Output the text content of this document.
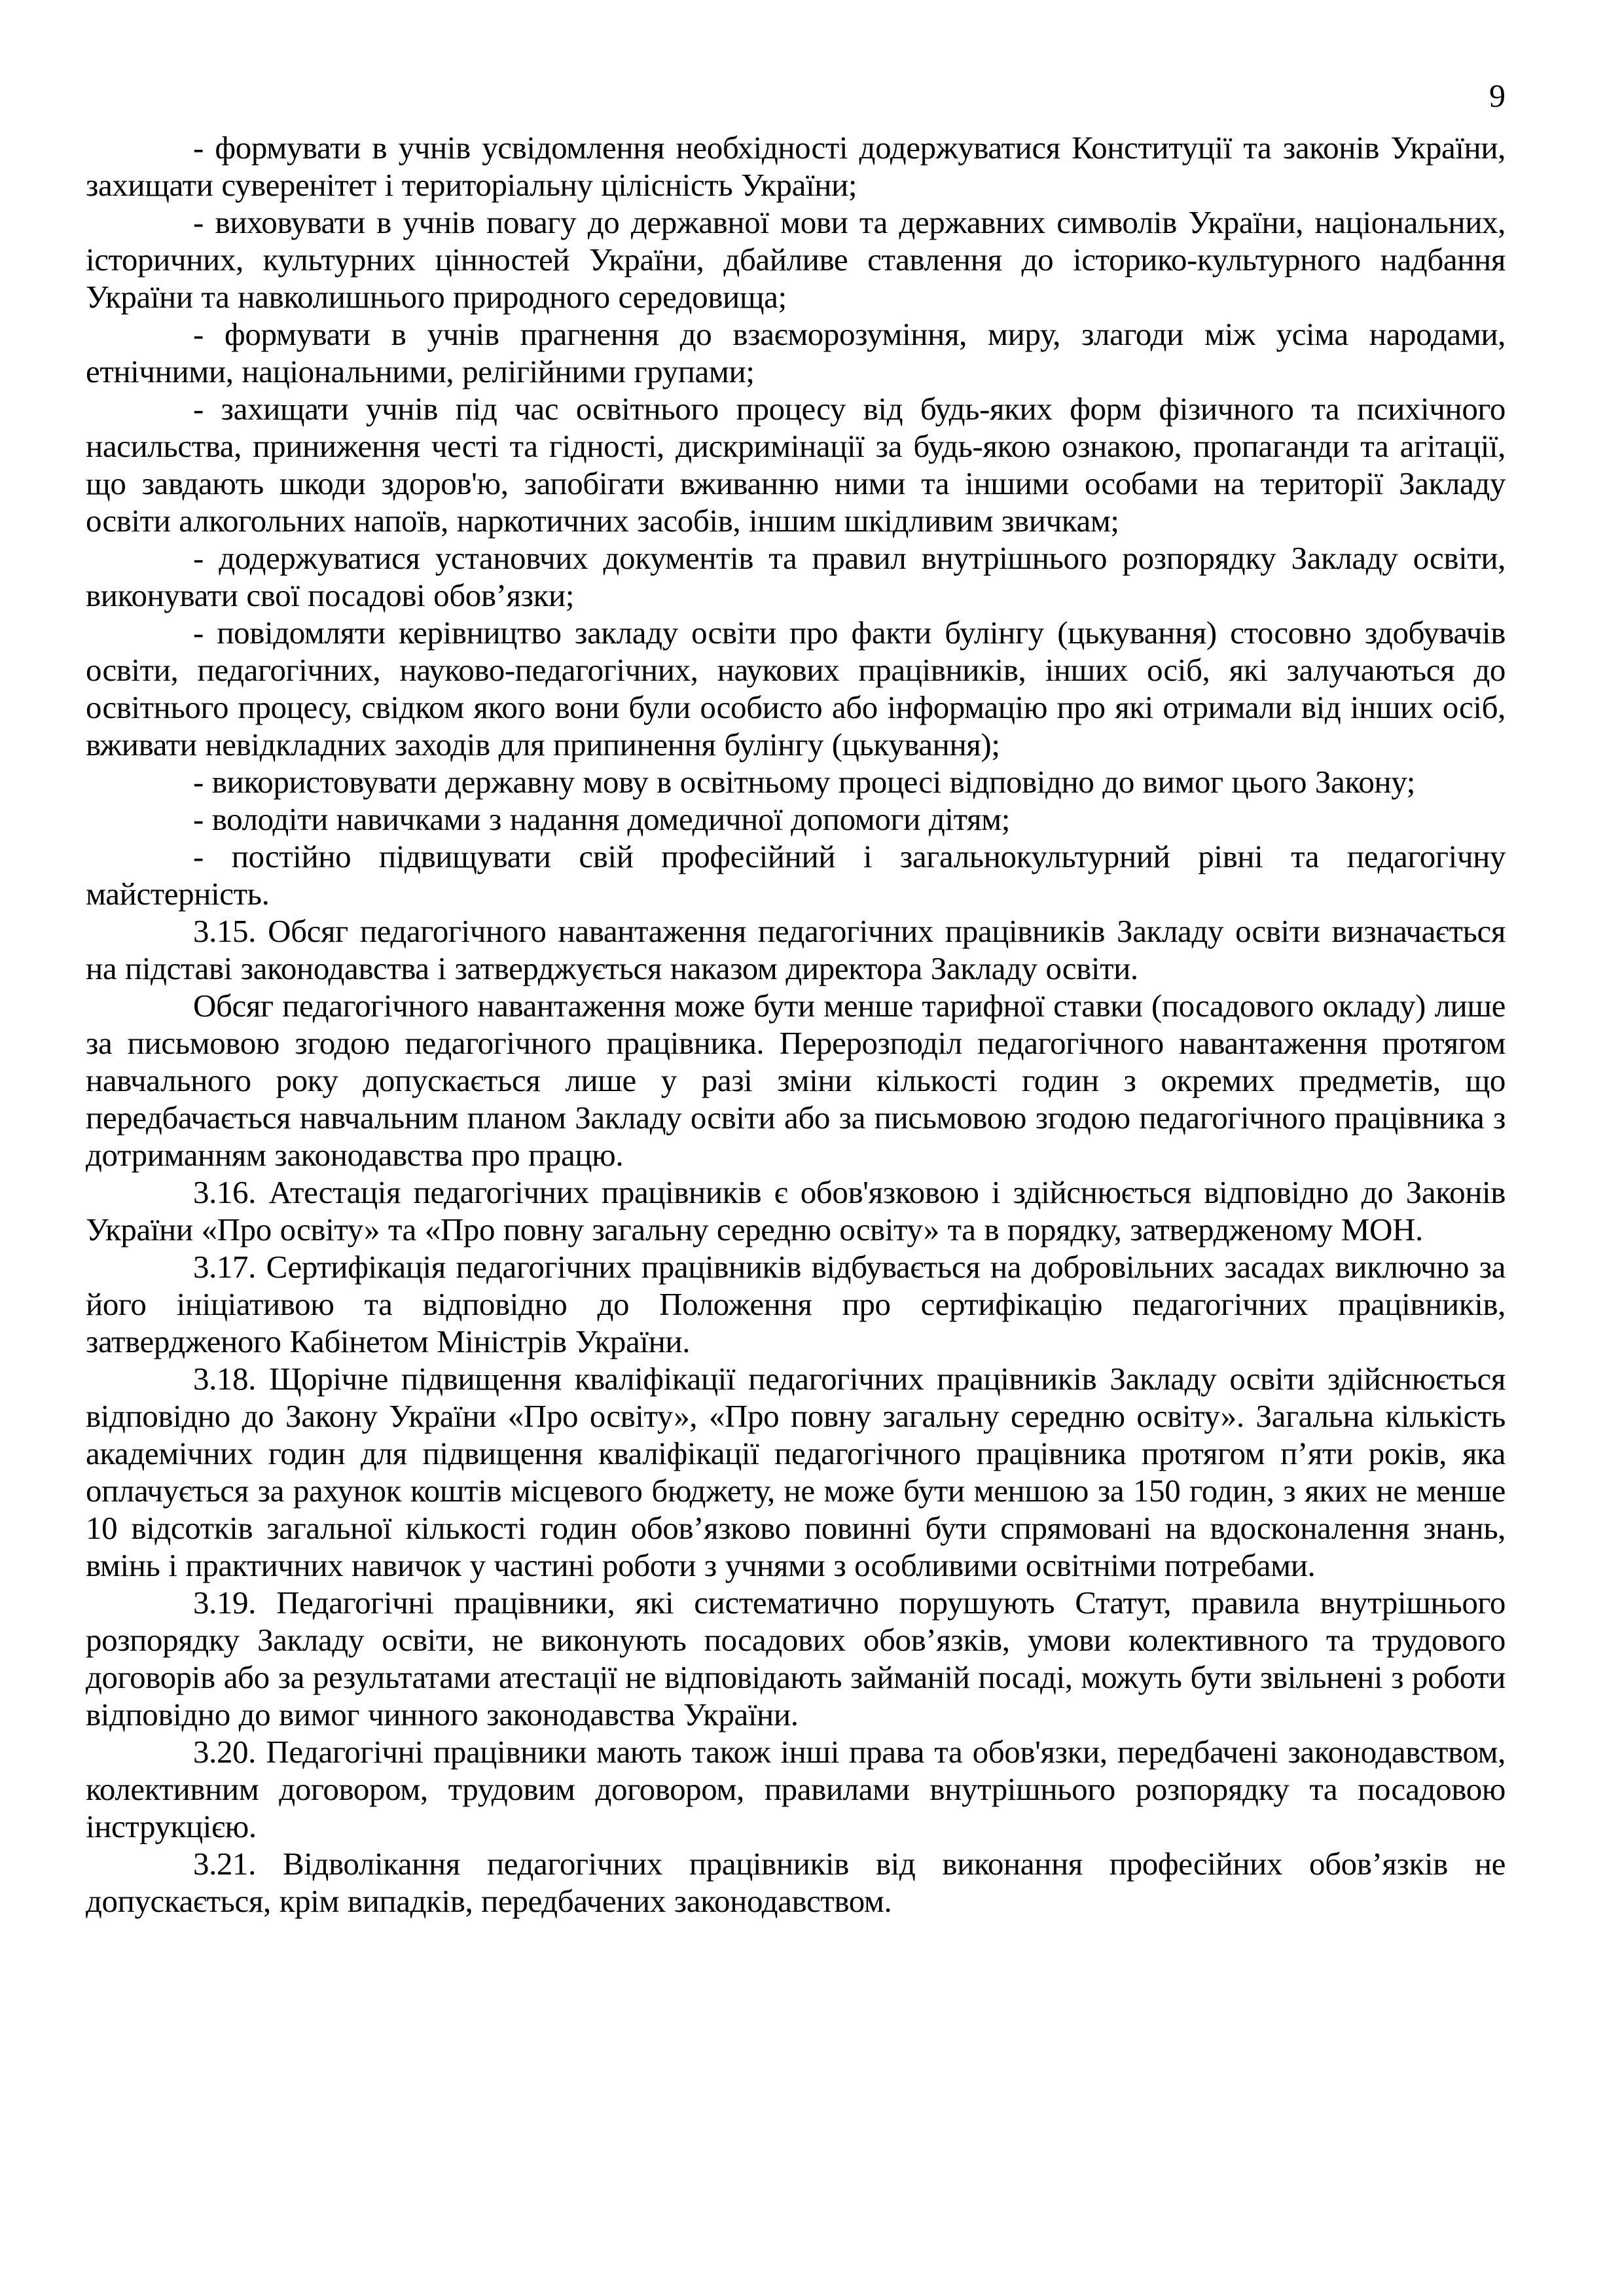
9

- формувати в учнів усвідомлення необхідності додержуватися Конституції та законів України, захищати суверенітет і територіальну цілісність України;

- виховувати в учнів повагу до державної мови та державних символів України, національних, історичних, культурних цінностей України, дбайливе ставлення до історико-культурного надбання України та навколишнього природного середовища;

- формувати в учнів прагнення до взаєморозуміння, миру, злагоди між усіма народами, етнічними, національними, релігійними групами;

- захищати учнів під час освітнього процесу від будь-яких форм фізичного та психічного насильства, приниження честі та гідності, дискримінації за будь-якою ознакою, пропаганди та агітації, що завдають шкоди здоров'ю, запобігати вживанню ними та іншими особами на території Закладу освіти алкогольних напоїв, наркотичних засобів, іншим шкідливим звичкам;

- додержуватися установчих документів та правил внутрішнього розпорядку Закладу освіти, виконувати свої посадові обов’язки;

- повідомляти керівництво закладу освіти про факти булінгу (цькування) стосовно здобувачів освіти, педагогічних, науково-педагогічних, наукових працівників, інших осіб, які залучаються до освітнього процесу, свідком якого вони були особисто або інформацію про які отримали від інших осіб, вживати невідкладних заходів для припинення булінгу (цькування);

- використовувати державну мову в освітньому процесі відповідно до вимог цього Закону;

- володіти навичками з надання домедичної допомоги дітям;

- постійно підвищувати свій професійний і загальнокультурний рівні та педагогічну майстерність.

3.15. Обсяг педагогічного навантаження педагогічних працівників Закладу освіти визначається на підставі законодавства і затверджується наказом директора Закладу освіти.

Обсяг педагогічного навантаження може бути менше тарифної ставки (посадового окладу) лише за письмовою згодою педагогічного працівника. Перерозподіл педагогічного навантаження протягом навчального року допускається лише у разі зміни кількості годин з окремих предметів, що передбачається навчальним планом Закладу освіти або за письмовою згодою педагогічного працівника з дотриманням законодавства про працю.

3.16. Атестація педагогічних працівників є обов'язковою і здійснюється відповідно до Законів України «Про освіту» та «Про повну загальну середню освіту» та в порядку, затвердженому МОН.

3.17. Сертифікація педагогічних працівників відбувається на добровільних засадах виключно за його ініціативою та відповідно до Положення про сертифікацію педагогічних працівників, затвердженого Кабінетом Міністрів України.

3.18. Щорічне підвищення кваліфікації педагогічних працівників Закладу освіти здійснюється відповідно до Закону України «Про освіту», «Про повну загальну середню освіту». Загальна кількість академічних годин для підвищення кваліфікації педагогічного працівника протягом п’яти років, яка оплачується за рахунок коштів місцевого бюджету, не може бути меншою за 150 годин, з яких не менше 10 відсотків загальної кількості годин обов’язково повинні бути спрямовані на вдосконалення знань, вмінь і практичних навичок у частині роботи з учнями з особливими освітніми потребами.

3.19. Педагогічні працівники, які систематично порушують Статут, правила внутрішнього розпорядку Закладу освіти, не виконують посадових обов’язків, умови колективного та трудового договорів або за результатами атестації не відповідають займаній посаді, можуть бути звільнені з роботи відповідно до вимог чинного законодавства України.

3.20. Педагогічні працівники мають також інші права та обов'язки, передбачені законодавством, колективним договором, трудовим договором, правилами внутрішнього розпорядку та посадовою інструкцією.

3.21. Відволікання педагогічних працівників від виконання професійних обов’язків не допускається, крім випадків, передбачених законодавством.
